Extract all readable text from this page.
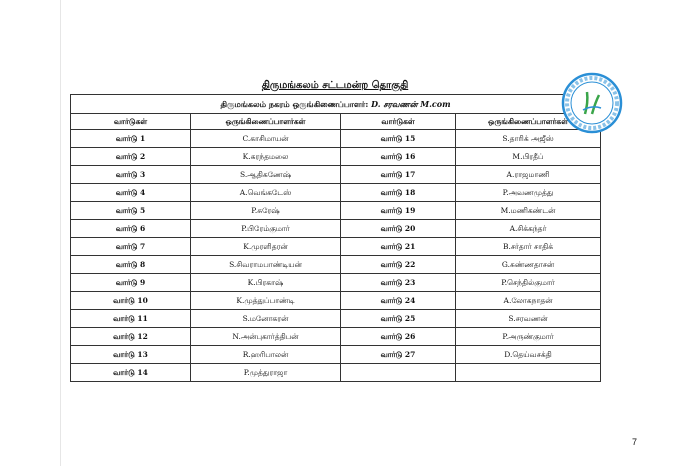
திருமங்கலம் சட்டமன்ற தொகுதி
திருமங்கலம் நகரம் ஒருங்கிணைப்பாளர்: D. சரவணன் M.com			
வார்டுகள்	ஒருங்கிணைப்பாளர்கள்	வார்டுகள்	ஒருங்கிணைப்பாளர்கள்
வார்டு 1	C.காசிமாயன்	வார்டு 15	S.தாரிக் அஜீஸ்
வார்டு 2	K.கரந்தமலை	வார்டு 16	M.பிரதீப்
வார்டு 3	S.ஆதிகணேஷ்	வார்டு 17	A.ராஜமாணி
வார்டு 4	A.வெங்கடேஸ்	வார்டு 18	P.அவணமுத்து
வார்டு 5	P.சுரேஷ்	வார்டு 19	M.மணிகண்டன்
வார்டு 6	P.பிரேம்குமார்	வார்டு 20	A.சிக்கந்தர்
வார்டு 7	K.முரளிதரன்	வார்டு 21	B.சர்தார் சாதிக்
வார்டு 8	S.சிவராமபாண்டியன்	வார்டு 22	G.சுண்ணதாசன்
வார்டு 9	K.பிரகாஷ்	வார்டு 23	P.செந்தில்குமார்
வார்டு 10	K.முத்துப்பாண்டி	வார்டு 24	A.லோகநாதன்
வார்டு 11	S.மனோகரன்	வார்டு 25	S.சரவணன்
வார்டு 12	N.அன்புகார்த்திபன்	வார்டு 26	P.அருண்குமார்
வார்டு 13	R.ஹரிபாலன்	வார்டு 27	D.தெய்வசக்தி
வார்டு 14	P.முத்துராஜா		
7
